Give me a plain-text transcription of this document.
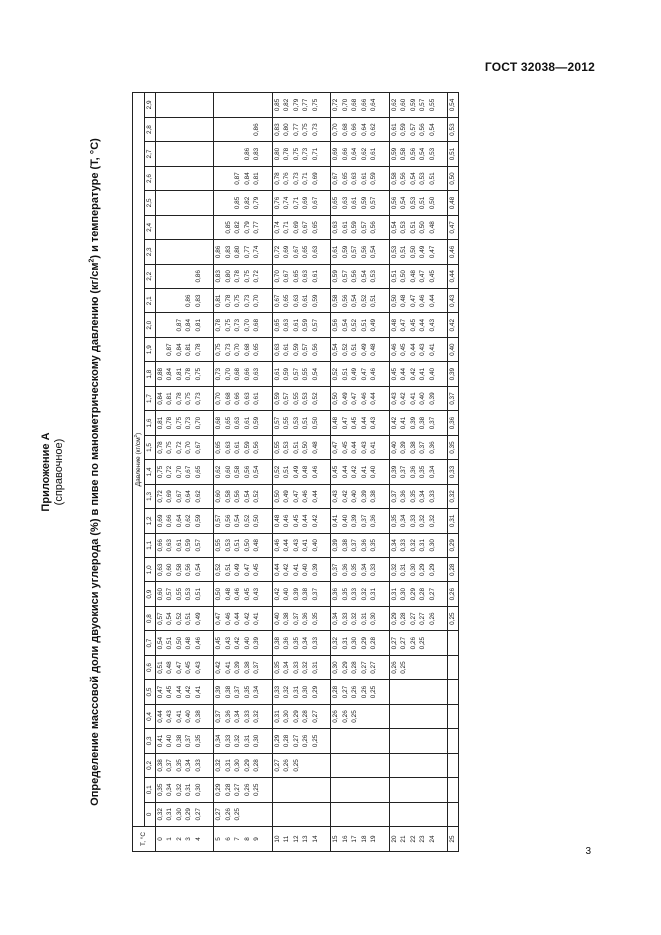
ГОСТ 32038—2012
Приложение А (справочное) Определение массовой доли двуокиси углерода (%) в пиве по манометрическому давлению $(кг/см^2)$ и температуре (T, °C)
T, °C	Давление $(кг/см^2)$																													
	0	0,1	0,2	0,3	0,4	0,5	0,6	0,7	0,8	0,9	1,0	1,1	1,2	1,3	1,4	1,5	1,6	1,7	1,8	1,9	2,0	2,1	2,2	2,3	2,4	2,5	2,6	2,7	2,8	2,9
0	0,32	0,35	0,38	0,41	0,44	0,47	0,51	0,54	0,57	0,60	0,63	0,66	0,69	0,72	0,75	0,78	0,81	0,84	0,88											
1	0,31	0,34	0,37	0,40	0,43	0,45	0,48	0,51	0,54	0,57	0,60	0,63	0,66	0,69	0,72	0,75	0,78	0,81	0,84	0,87										
2	0,30	0,32	0,35	0,38	0,41	0,44	0,47	0,50	0,52	0,55	0,58	0,61	0,64	0,67	0,70	0,72	0,75	0,78	0,81	0,84	0,87									
3	0,29	0,31	0,34	0,37	0,40	0,42	0,45	0,48	0,51	0,53	0,56	0,59	0,62	0,64	0,67	0,70	0,73	0,75	0,78	0,81	0,84	0,86								
4	0,27	0,30	0,33	0,35	0,38	0,41	0,43	0,46	0,49	0,51	0,54	0,57	0,59	0,62	0,65	0,67	0,70	0,73	0,75	0,78	0,81	0,83	0,86							

5	0,27	0,29	0,32	0,34	0,37	0,39	0,42	0,45	0,47	0,50	0,52	0,55	0,57	0,60	0,62	0,65	0,68	0,70	0,73	0,75	0,78	0,81	0,83	0,86						
6	0,26	0,28	0,31	0,33	0,36	0,38	0,41	0,43	0,46	0,48	0,51	0,53	0,56	0,58	0,60	0,63	0,65	0,68	0,70	0,73	0,75	0,78	0,80	0,83	0,85					
7	0,25	0,27	0,30	0,32	0,34	0,37	0,39	0,42	0,44	0,46	0,49	0,51	0,54	0,56	0,58	0,61	0,63	0,66	0,68	0,70	0,73	0,75	0,78	0,80	0,82	0,85	0,87			
8		0,26	0,29	0,31	0,33	0,35	0,38	0,40	0,42	0,45	0,47	0,50	0,52	0,54	0,56	0,59	0,61	0,63	0,66	0,68	0,70	0,73	0,75	0,77	0,79	0,82	0,84	0,86		
9		0,25	0,28	0,30	0,32	0,34	0,37	0,39	0,41	0,43	0,45	0,48	0,50	0,52	0,54	0,56	0,59	0,61	0,63	0,65	0,68	0,70	0,72	0,74	0,77	0,79	0,81	0,83	0,86	

10			0,27	0,29	0,31	0,33	0,35	0,38	0,40	0,42	0,44	0,46	0,48	0,50	0,52	0,55	0,57	0,59	0,61	0,63	0,65	0,67	0,70	0,72	0,74	0,76	0,78	0,80	0,83	0,85
11			0,26	0,28	0,30	0,32	0,34	0,36	0,38	0,40	0,42	0,44	0,46	0,49	0,51	0,53	0,55	0,57	0,59	0,61	0,63	0,65	0,67	0,69	0,71	0,74	0,76	0,78	0,80	0,82
12			0,25	0,27	0,29	0,31	0,33	0,35	0,37	0,39	0,41	0,43	0,45	0,47	0,49	0,51	0,53	0,55	0,57	0,59	0,61	0,63	0,65	0,67	0,69	0,71	0,73	0,75	0,77	0,79
13				0,26	0,28	0,30	0,32	0,34	0,36	0,38	0,40	0,41	0,44	0,46	0,48	0,50	0,51	0,53	0,55	0,57	0,59	0,61	0,63	0,65	0,67	0,69	0,71	0,73	0,75	0,77
14				0,25	0,27	0,29	0,31	0,33	0,35	0,37	0,39	0,40	0,42	0,44	0,46	0,48	0,50	0,52	0,54	0,56	0,57	0,59	0,61	0,63	0,65	0,67	0,69	0,71	0,73	0,75

15					0,26	0,28	0,30	0,32	0,34	0,36	0,37	0,39	0,41	0,43	0,45	0,47	0,48	0,50	0,52	0,54	0,56	0,58	0,59	0,61	0,63	0,65	0,67	0,69	0,70	0,72
16					0,26	0,27	0,29	0,31	0,33	0,35	0,36	0,38	0,40	0,42	0,44	0,45	0,47	0,49	0,51	0,52	0,54	0,56	0,57	0,59	0,61	0,63	0,65	0,66	0,68	0,70
17					0,25	0,26	0,28	0,30	0,32	0,33	0,35	0,37	0,39	0,40	0,42	0,44	0,45	0,47	0,49	0,51	0,52	0,54	0,56	0,57	0,59	0,61	0,63	0,64	0,66	0,68
18						0,26	0,27	0,29	0,31	0,32	0,34	0,36	0,37	0,39	0,41	0,43	0,44	0,46	0,47	0,49	0,51	0,52	0,54	0,56	0,57	0,59	0,61	0,62	0,64	0,66
19						0,25	0,27	0,28	0,30	0,31	0,33	0,35	0,36	0,38	0,40	0,41	0,43	0,44	0,46	0,48	0,49	0,51	0,53	0,54	0,56	0,57	0,59	0,61	0,62	0,64

20							0,26	0,27	0,29	0,31	0,32	0,34	0,35	0,37	0,39	0,40	0,42	0,43	0,45	0,46	0,48	0,50	0,51	0,53	0,54	0,56	0,58	0,59	0,61	0,62
21							0,25	0,27	0,28	0,30	0,31	0,33	0,34	0,36	0,37	0,39	0,41	0,42	0,44	0,45	0,47	0,48	0,50	0,51	0,53	0,54	0,56	0,58	0,59	0,60
22								0,26	0,27	0,29	0,30	0,32	0,33	0,35	0,36	0,38	0,39	0,41	0,42	0,44	0,45	0,47	0,48	0,50	0,51	0,53	0,54	0,56	0,57	0,59
23								0,25	0,27	0,28	0,29	0,31	0,32	0,34	0,35	0,37	0,38	0,40	0,41	0,43	0,44	0,46	0,47	0,49	0,50	0,51	0,53	0,54	0,56	0,57
24									0,26	0,27	0,29	0,30	0,32	0,33	0,34	0,36	0,37	0,39	0,40	0,41	0,43	0,44	0,45	0,47	0,48	0,50	0,51	0,53	0,54	0,55

25									0,25	0,26	0,28	0,29	0,31	0,32	0,33	0,35	0,36	0,37	0,39	0,40	0,42	0,43	0,44	0,46	0,47	0,48	0,50	0,51	0,53	0,54
3
